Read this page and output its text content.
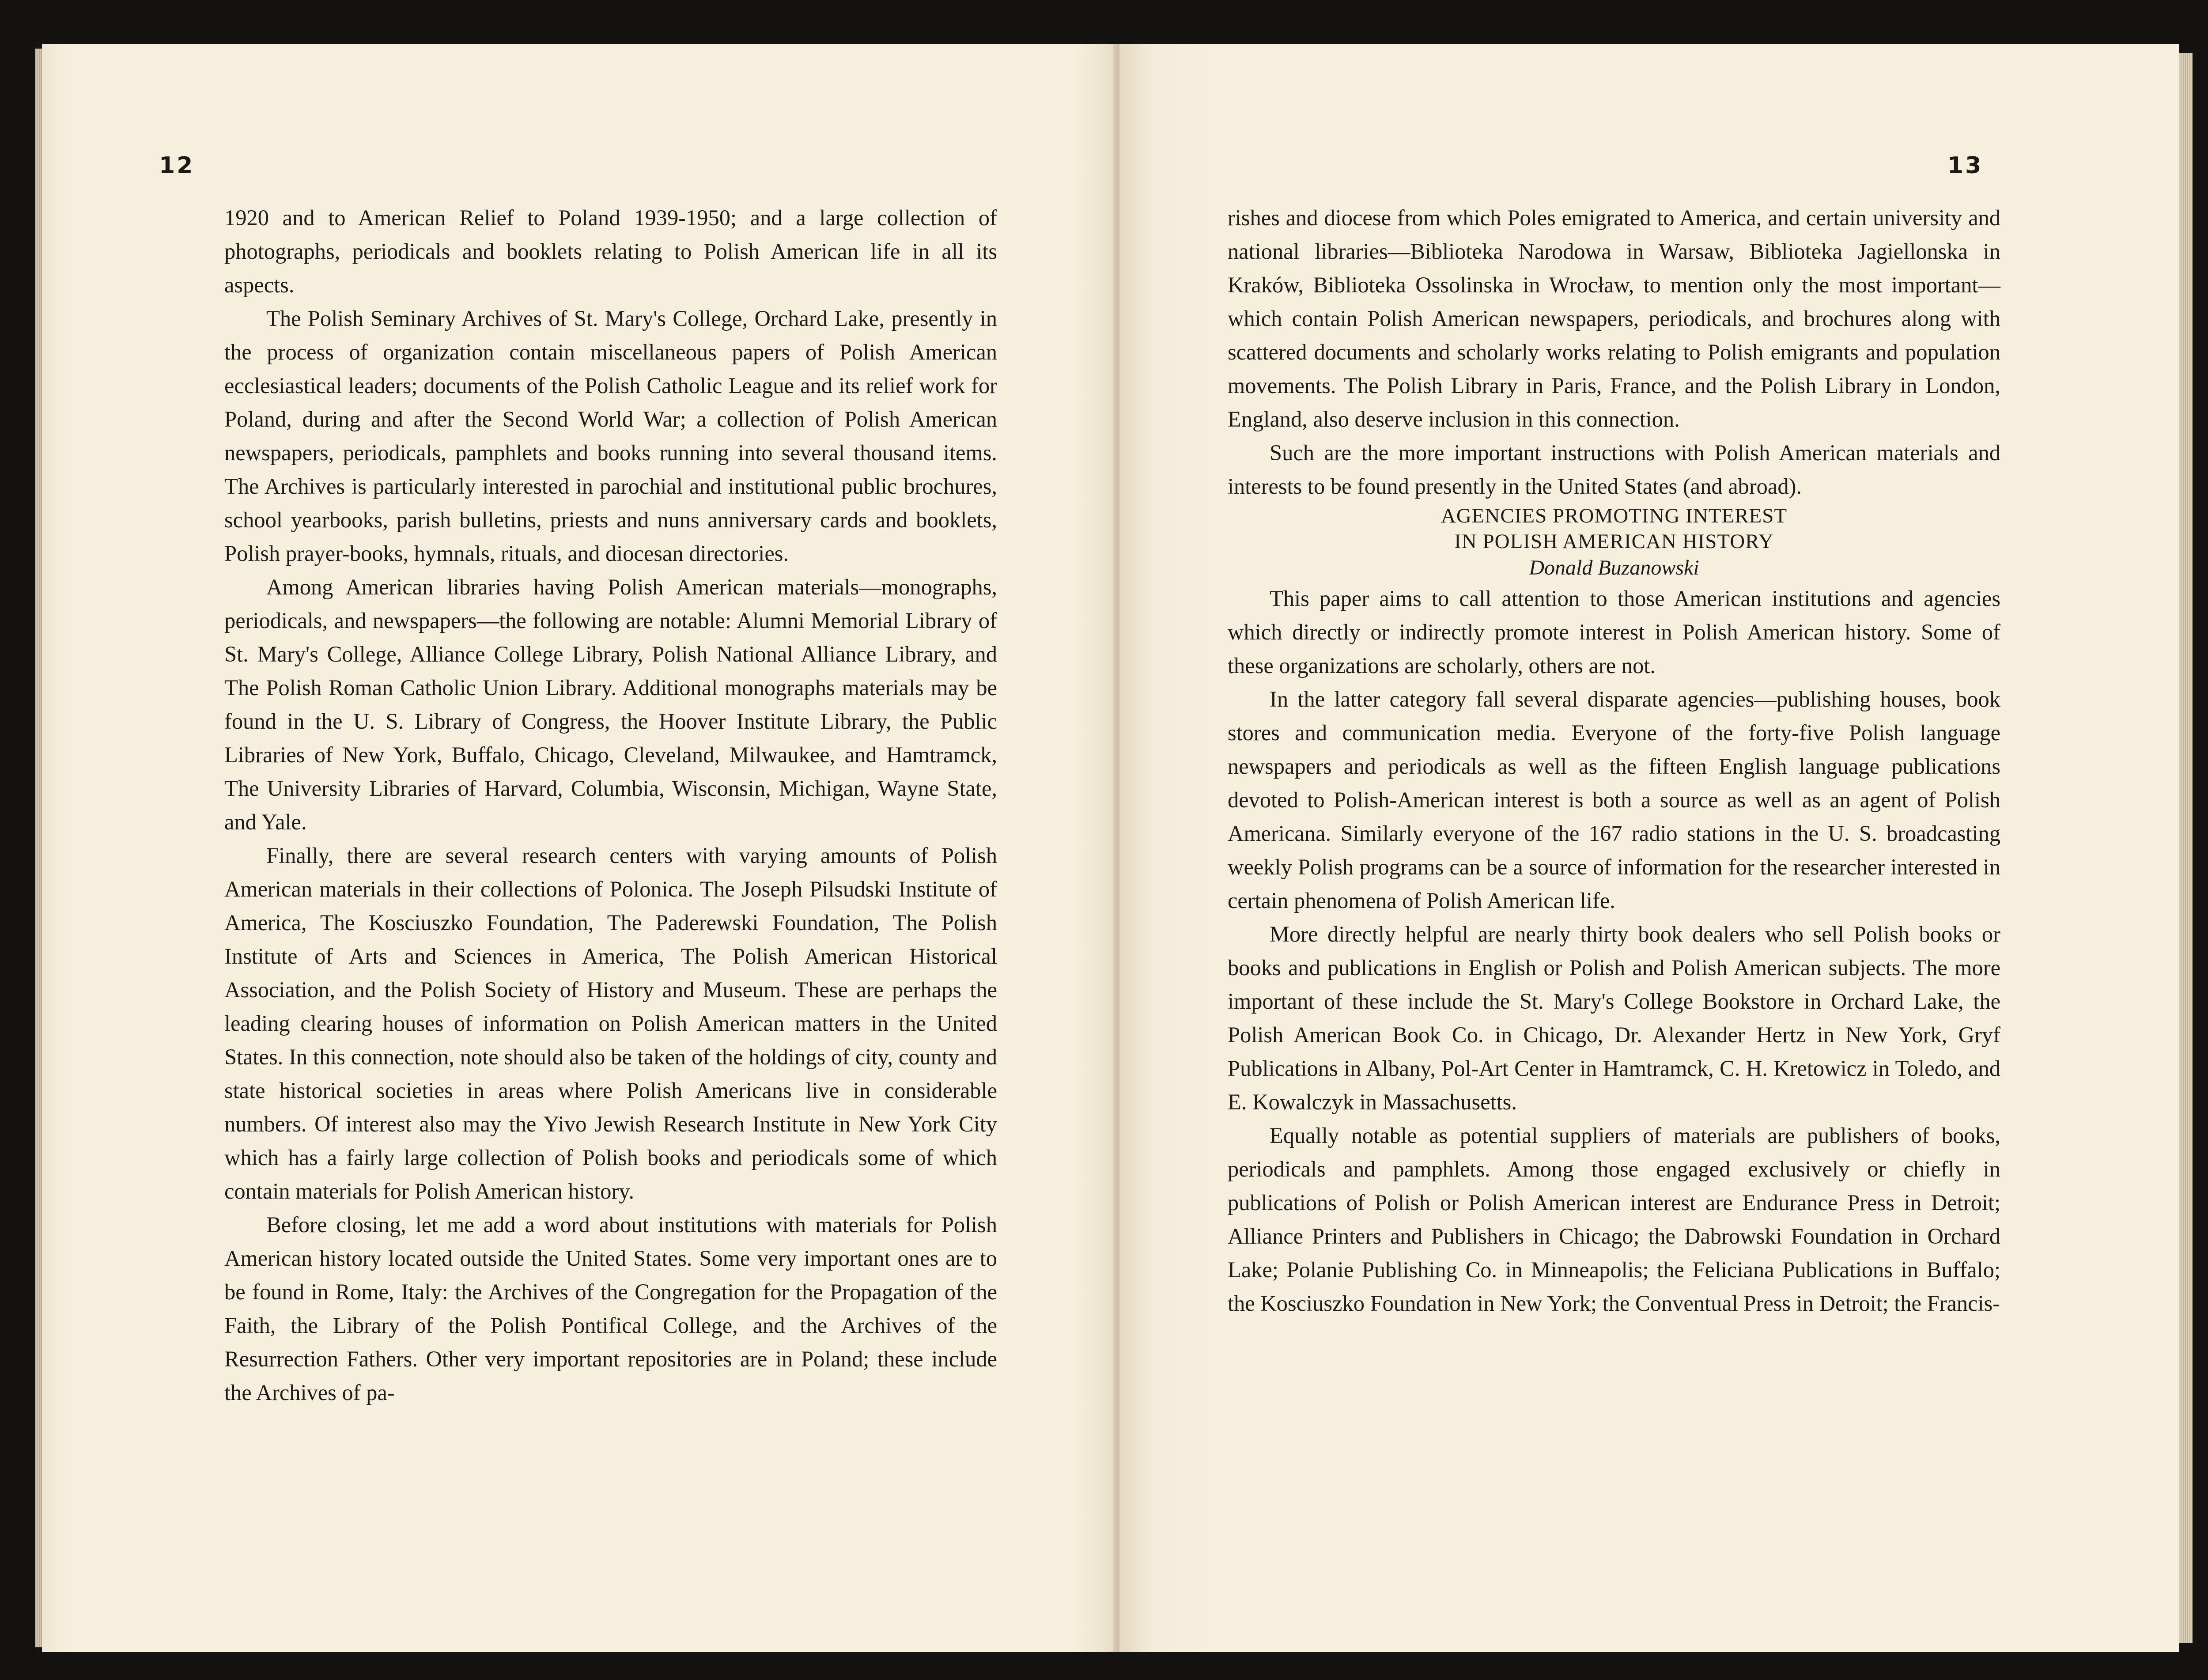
12	13

1920 and to American Relief to Poland 1939-1950; and a large collection of photographs, periodicals and booklets relating to Polish American life in all its aspects.

The Polish Seminary Archives of St. Mary's College, Orchard Lake, presently in the process of organization contain miscellaneous papers of Polish American ecclesiastical leaders; documents of the Polish Catholic League and its relief work for Poland, during and after the Second World War; a collection of Polish American newspapers, periodicals, pamphlets and books running into several thousand items. The Archives is particularly interested in parochial and institutional public brochures, school yearbooks, parish bulletins, priests and nuns anniversary cards and booklets, Polish prayer-books, hymnals, rituals, and diocesan directories.

Among American libraries having Polish American materials—monographs, periodicals, and newspapers—the following are notable: Alumni Memorial Library of St. Mary's College, Alliance College Library, Polish National Alliance Library, and The Polish Roman Catholic Union Library. Additional monographs materials may be found in the U. S. Library of Congress, the Hoover Institute Library, the Public Libraries of New York, Buffalo, Chicago, Cleveland, Milwaukee, and Hamtramck, The University Libraries of Harvard, Columbia, Wisconsin, Michigan, Wayne State, and Yale.

Finally, there are several research centers with varying amounts of Polish American materials in their collections of Polonica. The Joseph Pilsudski Institute of America, The Kosciuszko Foundation, The Paderewski Foundation, The Polish Institute of Arts and Sciences in America, The Polish American Historical Association, and the Polish Society of History and Museum. These are perhaps the leading clearing houses of information on Polish American matters in the United States. In this connection, note should also be taken of the holdings of city, county and state historical societies in areas where Polish Americans live in considerable numbers. Of interest also may the Yivo Jewish Research Institute in New York City which has a fairly large collection of Polish books and periodicals some of which contain materials for Polish American history.

Before closing, let me add a word about institutions with materials for Polish American history located outside the United States. Some very important ones are to be found in Rome, Italy: the Archives of the Congregation for the Propagation of the Faith, the Library of the Polish Pontifical College, and the Archives of the Resurrection Fathers. Other very important repositories are in Poland; these include the Archives of pa-

rishes and diocese from which Poles emigrated to America, and certain university and national libraries—Biblioteka Narodowa in Warsaw, Biblioteka Jagiellonska in Kraków, Biblioteka Ossolinska in Wrocław, to mention only the most important—which contain Polish American newspapers, periodicals, and brochures along with scattered documents and scholarly works relating to Polish emigrants and population movements. The Polish Library in Paris, France, and the Polish Library in London, England, also deserve inclusion in this connection.

Such are the more important instructions with Polish American materials and interests to be found presently in the United States (and abroad).

AGENCIES PROMOTING INTEREST

IN POLISH AMERICAN HISTORY

Donald Buzanowski

This paper aims to call attention to those American institutions and agencies which directly or indirectly promote interest in Polish American history. Some of these organizations are scholarly, others are not.

In the latter category fall several disparate agencies—publishing houses, book stores and communication media. Everyone of the forty-five Polish language newspapers and periodicals as well as the fifteen English language publications devoted to Polish-American interest is both a source as well as an agent of Polish Americana. Similarly everyone of the 167 radio stations in the U. S. broadcasting weekly Polish programs can be a source of information for the researcher interested in certain phenomena of Polish American life.

More directly helpful are nearly thirty book dealers who sell Polish books or books and publications in English or Polish and Polish American subjects. The more important of these include the St. Mary's College Bookstore in Orchard Lake, the Polish American Book Co. in Chicago, Dr. Alexander Hertz in New York, Gryf Publications in Albany, Pol-Art Center in Hamtramck, C. H. Kretowicz in Toledo, and E. Kowalczyk in Massachusetts.

Equally notable as potential suppliers of materials are publishers of books, periodicals and pamphlets. Among those engaged exclusively or chiefly in publications of Polish or Polish American interest are Endurance Press in Detroit; Alliance Printers and Publishers in Chicago; the Dabrowski Foundation in Orchard Lake; Polanie Publishing Co. in Minneapolis; the Feliciana Publications in Buffalo; the Kosciuszko Foundation in New York; the Conventual Press in Detroit; the Francis-
